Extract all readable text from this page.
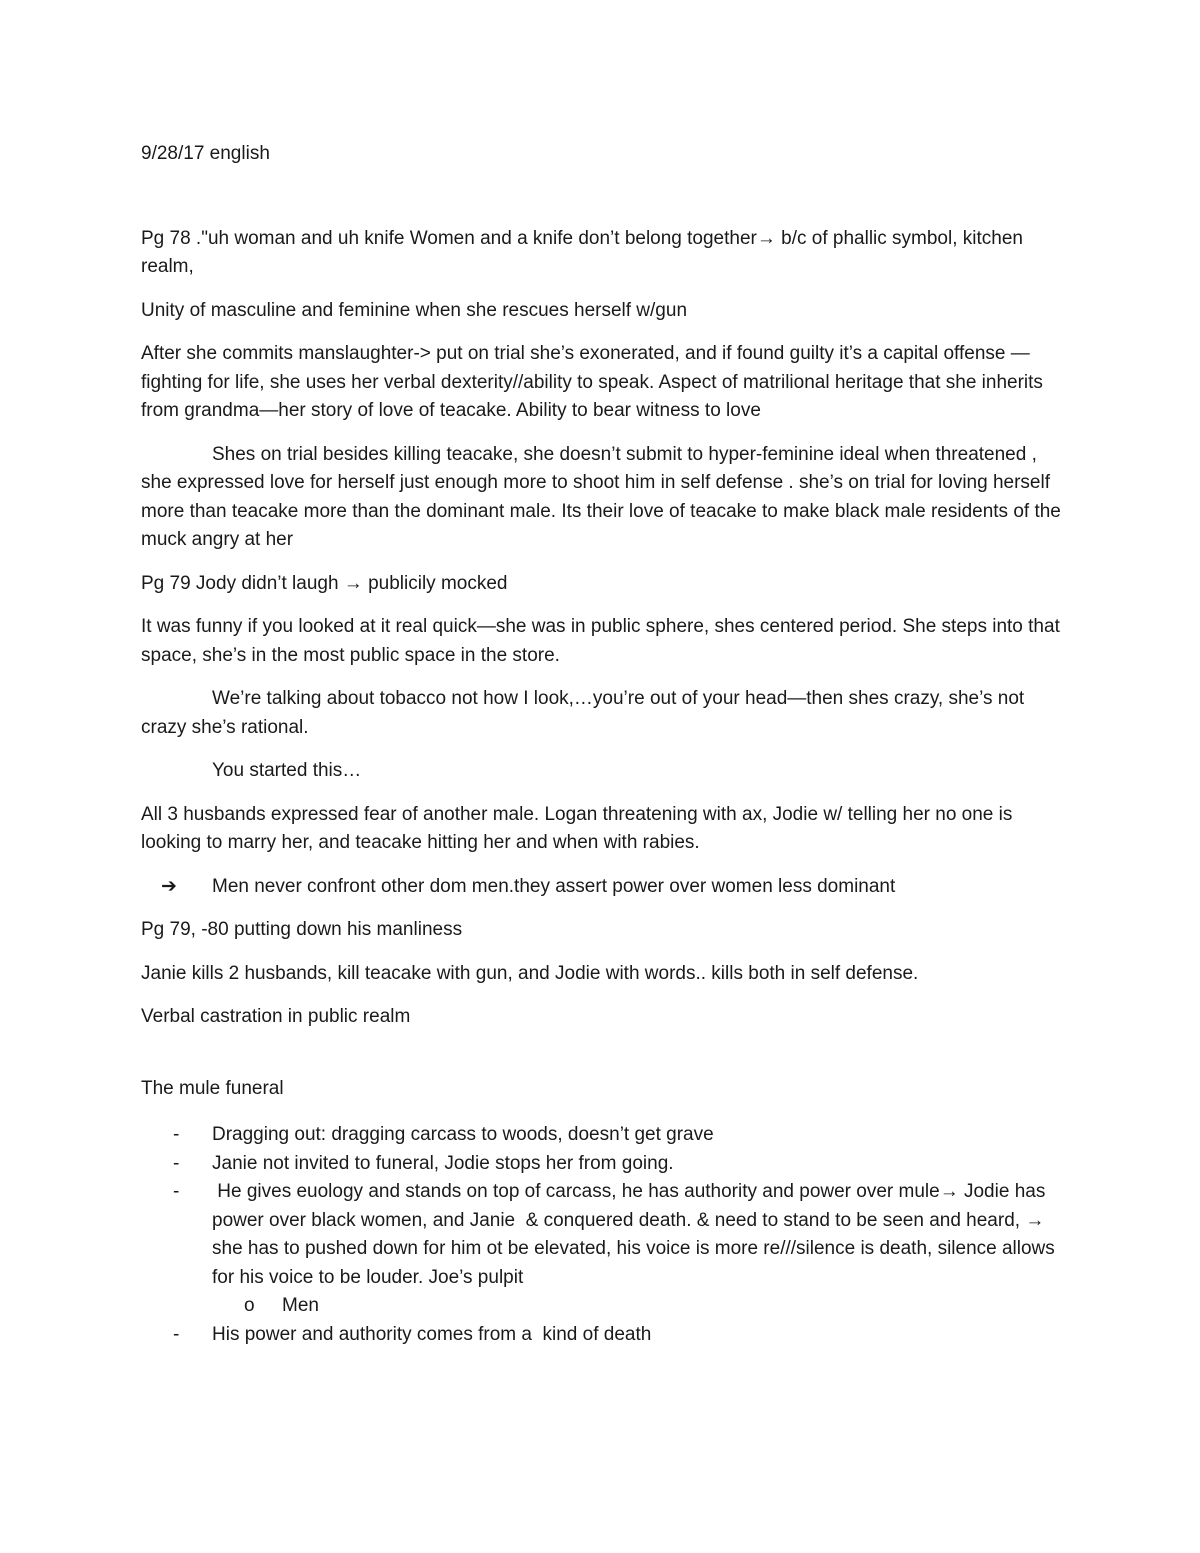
9/28/17 english

Pg 78 ."uh woman and uh knife Women and a knife don’t belong together→ b/c of phallic symbol, kitchen realm,

Unity of masculine and feminine when she rescues herself w/gun

After she commits manslaughter-> put on trial she’s exonerated, and if found guilty it’s a capital offense —fighting for life, she uses her verbal dexterity//ability to speak. Aspect of matrilional heritage that she inherits from grandma—her story of love of teacake. Ability to bear witness to love

Shes on trial besides killing teacake, she doesn’t submit to hyper-feminine ideal when threatened , she expressed love for herself just enough more to shoot him in self defense . she’s on trial for loving herself more than teacake more than the dominant male. Its their love of teacake to make black male residents of the muck angry at her

Pg 79 Jody didn’t laugh → publicily mocked

It was funny if you looked at it real quick—she was in public sphere, shes centered period. She steps into that space, she’s in the most public space in the store.

We’re talking about tobacco not how I look,…you’re out of your head—then shes crazy, she’s not crazy she’s rational.

You started this…

All 3 husbands expressed fear of another male. Logan threatening with ax, Jodie w/ telling her no one is looking to marry her, and teacake hitting her and when with rabies.

➔ Men never confront other dom men.they assert power over women less dominant

Pg 79, -80 putting down his manliness

Janie kills 2 husbands, kill teacake with gun, and Jodie with words.. kills both in self defense.

Verbal castration in public realm

The mule funeral

- Dragging out: dragging carcass to woods, doesn’t get grave
- Janie not invited to funeral, Jodie stops her from going.
- He gives euology and stands on top of carcass, he has authority and power over mule→ Jodie has power over black women, and Janie  & conquered death. & need to stand to be seen and heard, → she has to pushed down for him ot be elevated, his voice is more re///silence is death, silence allows for his voice to be louder. Joe’s pulpit
o Men
- His power and authority comes from a  kind of death
